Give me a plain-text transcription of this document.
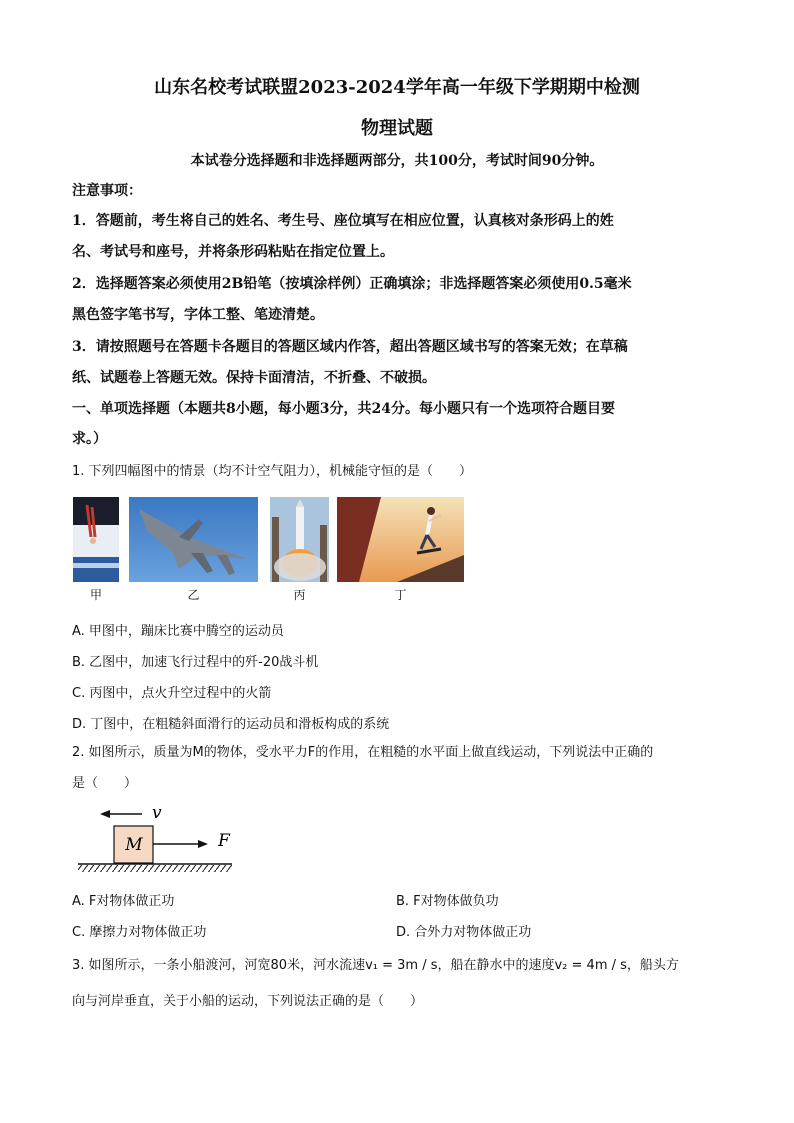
山东名校考试联盟2023-2024学年高一年级下学期期中检测
物理试题
本试卷分选择题和非选择题两部分，共100分，考试时间90分钟。
注意事项：
1．答题前，考生将自己的姓名、考生号、座位填写在相应位置，认真核对条形码上的姓
名、考试号和座号，并将条形码粘贴在指定位置上。
2．选择题答案必须使用2B铅笔（按填涂样例）正确填涂；非选择题答案必须使用0.5毫米
黑色签字笔书写，字体工整、笔迹清楚。
3．请按照题号在答题卡各题目的答题区域内作答，超出答题区域书写的答案无效；在草稿
纸、试题卷上答题无效。保持卡面清洁，不折叠、不破损。
一、单项选择题（本题共8小题，每小题3分，共24分。每小题只有一个选项符合题目要
求。）
1. 下列四幅图中的情景（均不计空气阻力），机械能守恒的是（　　）
甲	乙	丙	丁
A. 甲图中，蹦床比赛中腾空的运动员
B. 乙图中，加速飞行过程中的歼-20战斗机
C. 丙图中，点火升空过程中的火箭
D. 丁图中，在粗糙斜面滑行的运动员和滑板构成的系统
2. 如图所示，质量为M的物体，受水平力F的作用，在粗糙的水平面上做直线运动，下列说法中正确的
是（　　）
M	F
v
A. F对物体做正功	B. F对物体做负功
C. 摩擦力对物体做正功	D. 合外力对物体做正功
3. 如图所示，一条小船渡河，河宽80米，河水流速v₁ = 3m / s，船在静水中的速度v₂ = 4m / s，船头方
向与河岸垂直，关于小船的运动，下列说法正确的是（　　）
